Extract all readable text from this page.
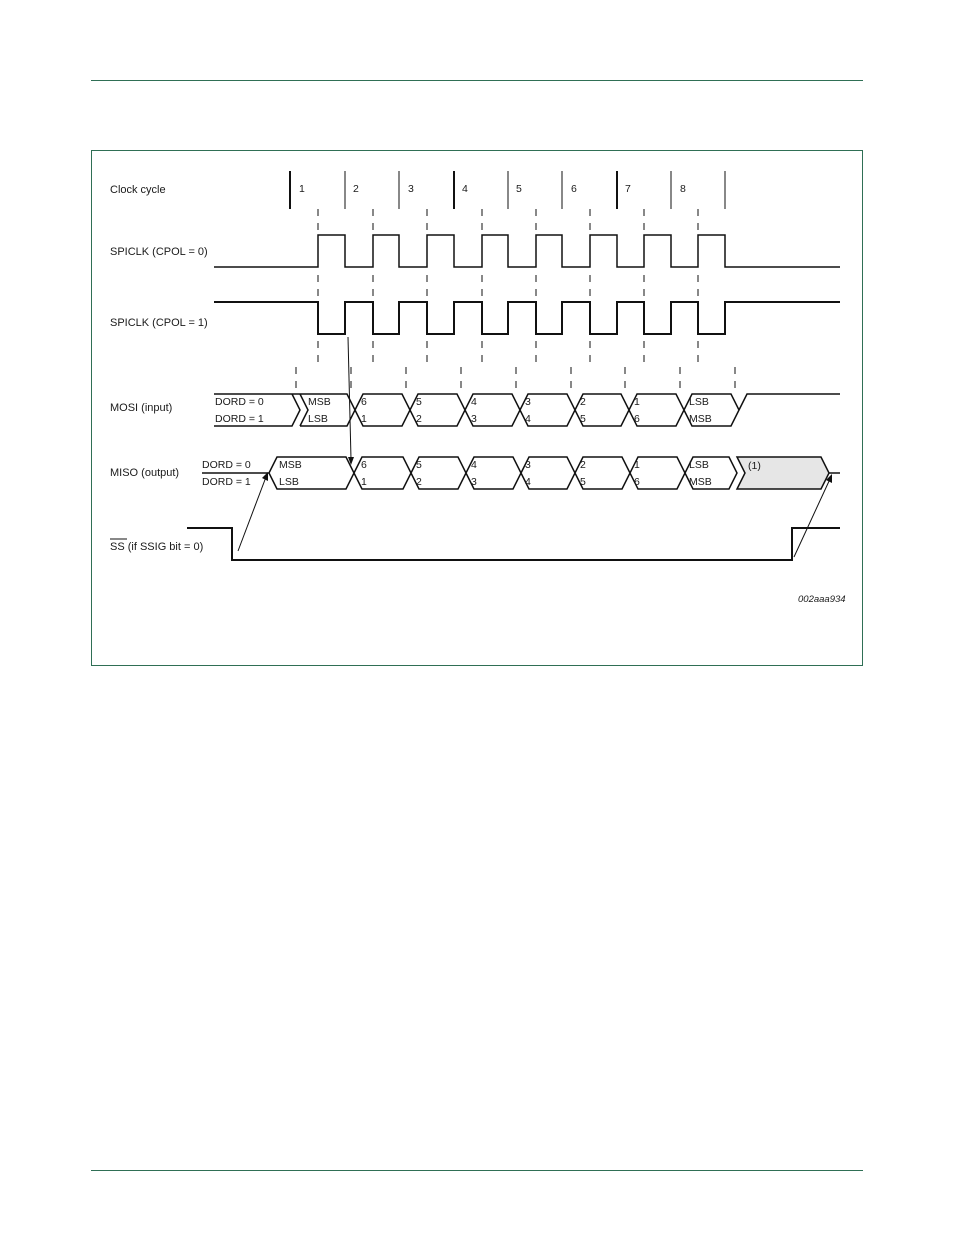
Clock cycle	1	2	3	4	5	6	7	8
SPICLK (CPOL = 0)
SPICLK (CPOL = 1)
MOSI (input)	DORD = 0
DORD = 1
MSB	6	5	4	3	2	1	LSB
LSB	1	2	3	4	5	6	MSB
MISO (output)
DORD = 0
DORD = 1
MSB	6	5	4	3	2	1	LSB
LSB	1	2	3	4	5	6	MSB
(1)
SS (if SSIG bit = 0)
002aaa934
